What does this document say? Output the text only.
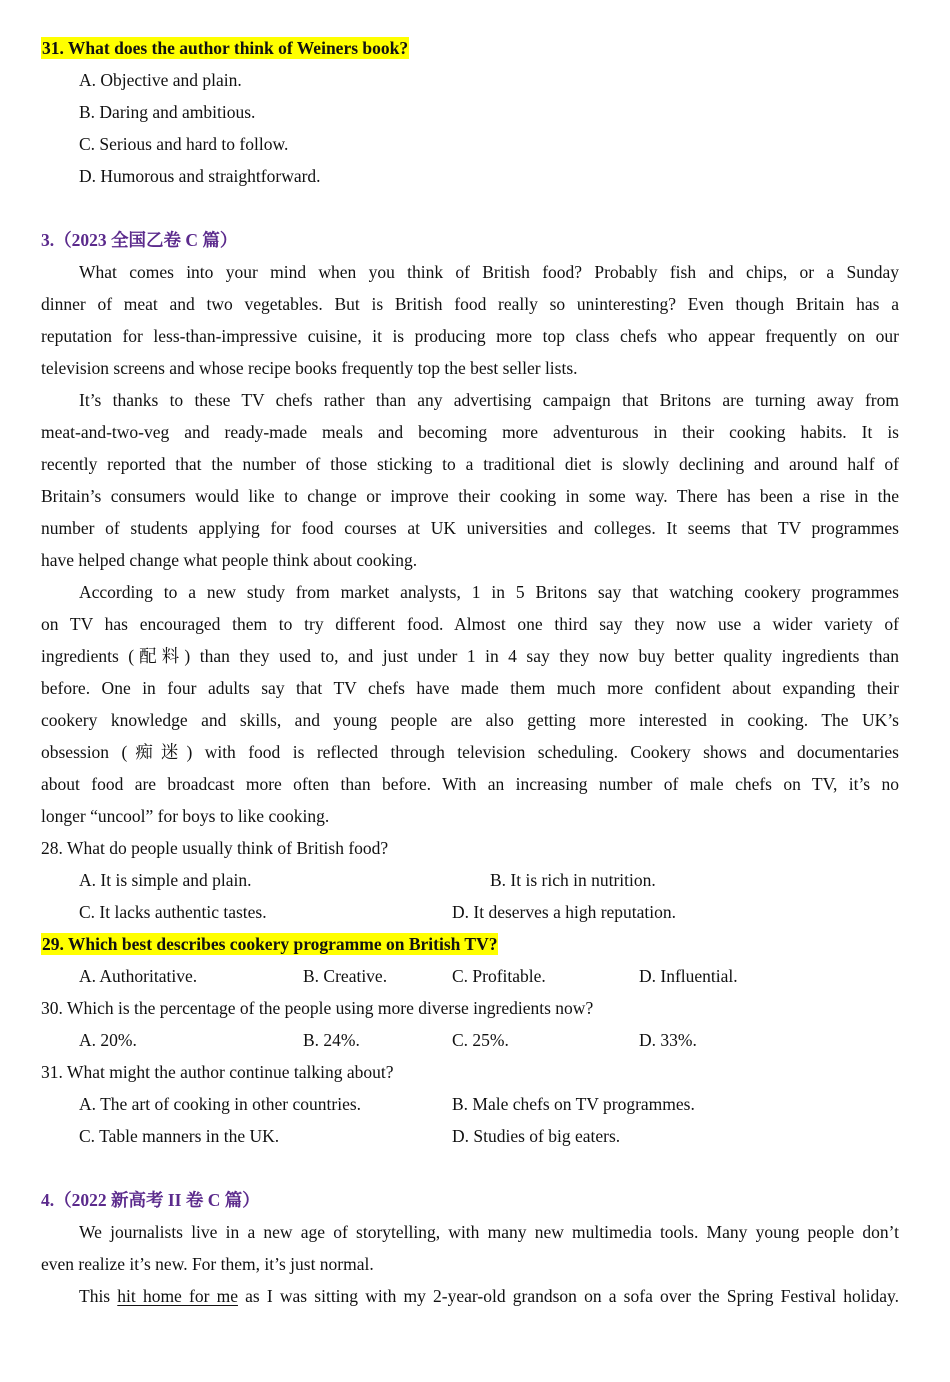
31. What does the author think of Weiners book?
A. Objective and plain.
B. Daring and ambitious.
C. Serious and hard to follow.
D. Humorous and straightforward.
3.（2023 全国乙卷 C 篇）
What comes into your mind when you think of British food? Probably fish and chips, or a Sunday
dinner of meat and two vegetables. But is British food really so uninteresting? Even though Britain has a
reputation for less-than-impressive cuisine, it is producing more top class chefs who appear frequently on our
television screens and whose recipe books frequently top the best seller lists.
It’s thanks to these TV chefs rather than any advertising campaign that Britons are turning away from
meat-and-two-veg and ready-made meals and becoming more adventurous in their cooking habits. It is
recently reported that the number of those sticking to a traditional diet is slowly declining and around half of
Britain’s consumers would like to change or improve their cooking in some way. There has been a rise in the
number of students applying for food courses at UK universities and colleges. It seems that TV programmes
have helped change what people think about cooking.
According to a new study from market analysts, 1 in 5 Britons say that watching cookery programmes
on TV has encouraged them to try different food. Almost one third say they now use a wider variety of
ingredients (配料) than they used to, and just under 1 in 4 say they now buy better quality ingredients than
before. One in four adults say that TV chefs have made them much more confident about expanding their
cookery knowledge and skills, and young people are also getting more interested in cooking. The UK’s
obsession (痴迷) with food is reflected through television scheduling. Cookery shows and documentaries
about food are broadcast more often than before. With an increasing number of male chefs on TV, it’s no
longer “uncool” for boys to like cooking.
28. What do people usually think of British food?
A. It is simple and plain.	B. It is rich in nutrition.
C. It lacks authentic tastes.	D. It deserves a high reputation.
29. Which best describes cookery programme on British TV?
A. Authoritative.	B. Creative.	C. Profitable.	D. Influential.
30. Which is the percentage of the people using more diverse ingredients now?
A. 20%.	B. 24%.	C. 25%.	D. 33%.
31. What might the author continue talking about?
A. The art of cooking in other countries.	B. Male chefs on TV programmes.
C. Table manners in the UK.	D. Studies of big eaters.
4.（2022 新高考 II 卷 C 篇）
We journalists live in a new age of storytelling, with many new multimedia tools. Many young people don’t
even realize it’s new. For them, it’s just normal.
This hit home for me as I was sitting with my 2-year-old grandson on a sofa over the Spring Festival holiday.
